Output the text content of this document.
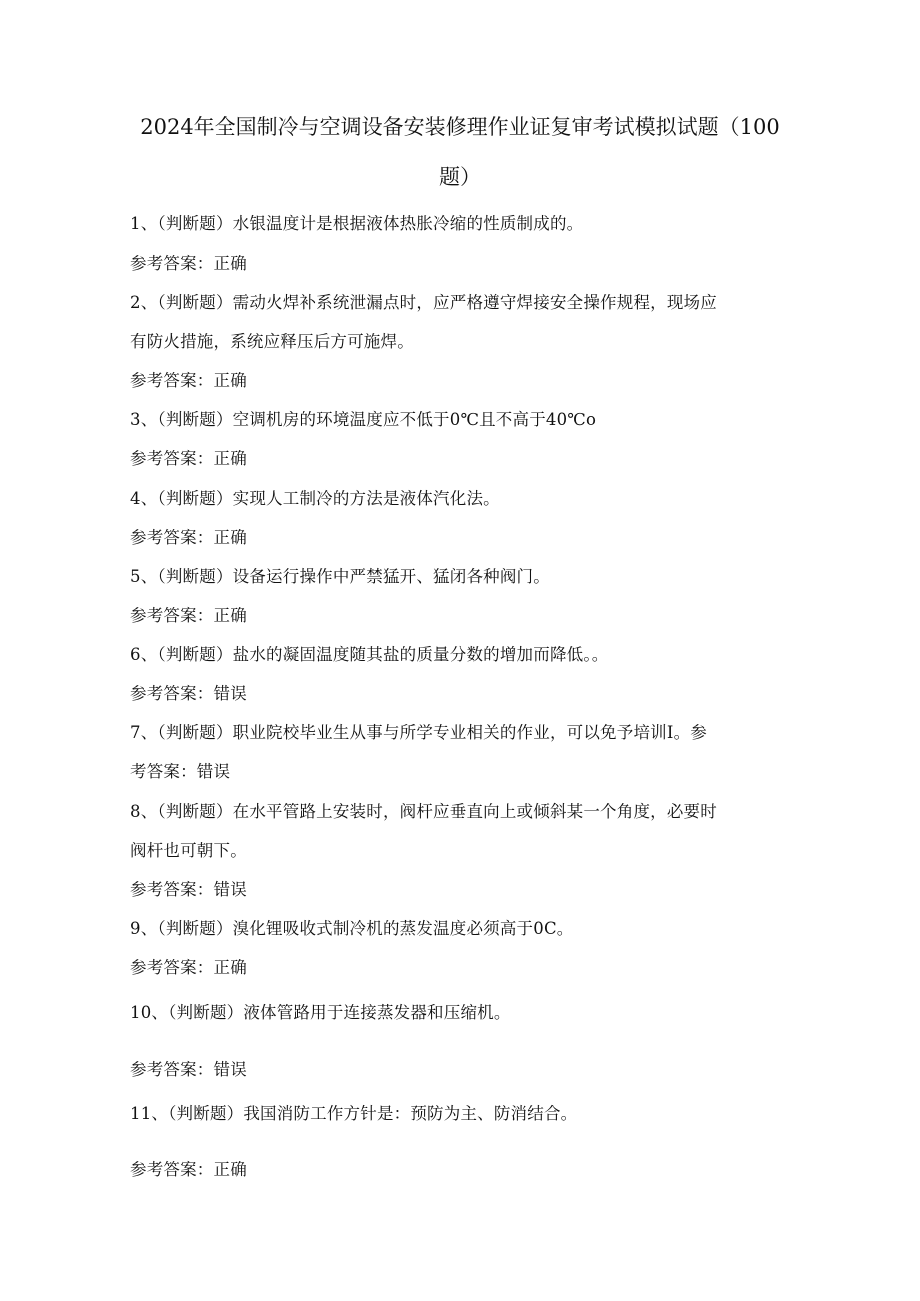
2024年全国制冷与空调设备安装修理作业证复审考试模拟试题（100
题）
1、（判断题）水银温度计是根据液体热胀冷缩的性质制成的。
参考答案：正确
2、（判断题）需动火焊补系统泄漏点时，应严格遵守焊接安全操作规程，现场应
有防火措施，系统应释压后方可施焊。
参考答案：正确
3、（判断题）空调机房的环境温度应不低于0℃且不高于40℃o
参考答案：正确
4、（判断题）实现人工制冷的方法是液体汽化法。
参考答案：正确
5、（判断题）设备运行操作中严禁猛开、猛闭各种阀门。
参考答案：正确
6、（判断题）盐水的凝固温度随其盐的质量分数的增加而降低。。
参考答案：错误
7、（判断题）职业院校毕业生从事与所学专业相关的作业，可以免予培训I。参
考答案：错误
8、（判断题）在水平管路上安装时，阀杆应垂直向上或倾斜某一个角度，必要时
阀杆也可朝下。
参考答案：错误
9、（判断题）溴化锂吸收式制冷机的蒸发温度必须高于0C。
参考答案：正确
10、（判断题）液体管路用于连接蒸发器和压缩机。
参考答案：错误
11、（判断题）我国消防工作方针是：预防为主、防消结合。
参考答案：正确
